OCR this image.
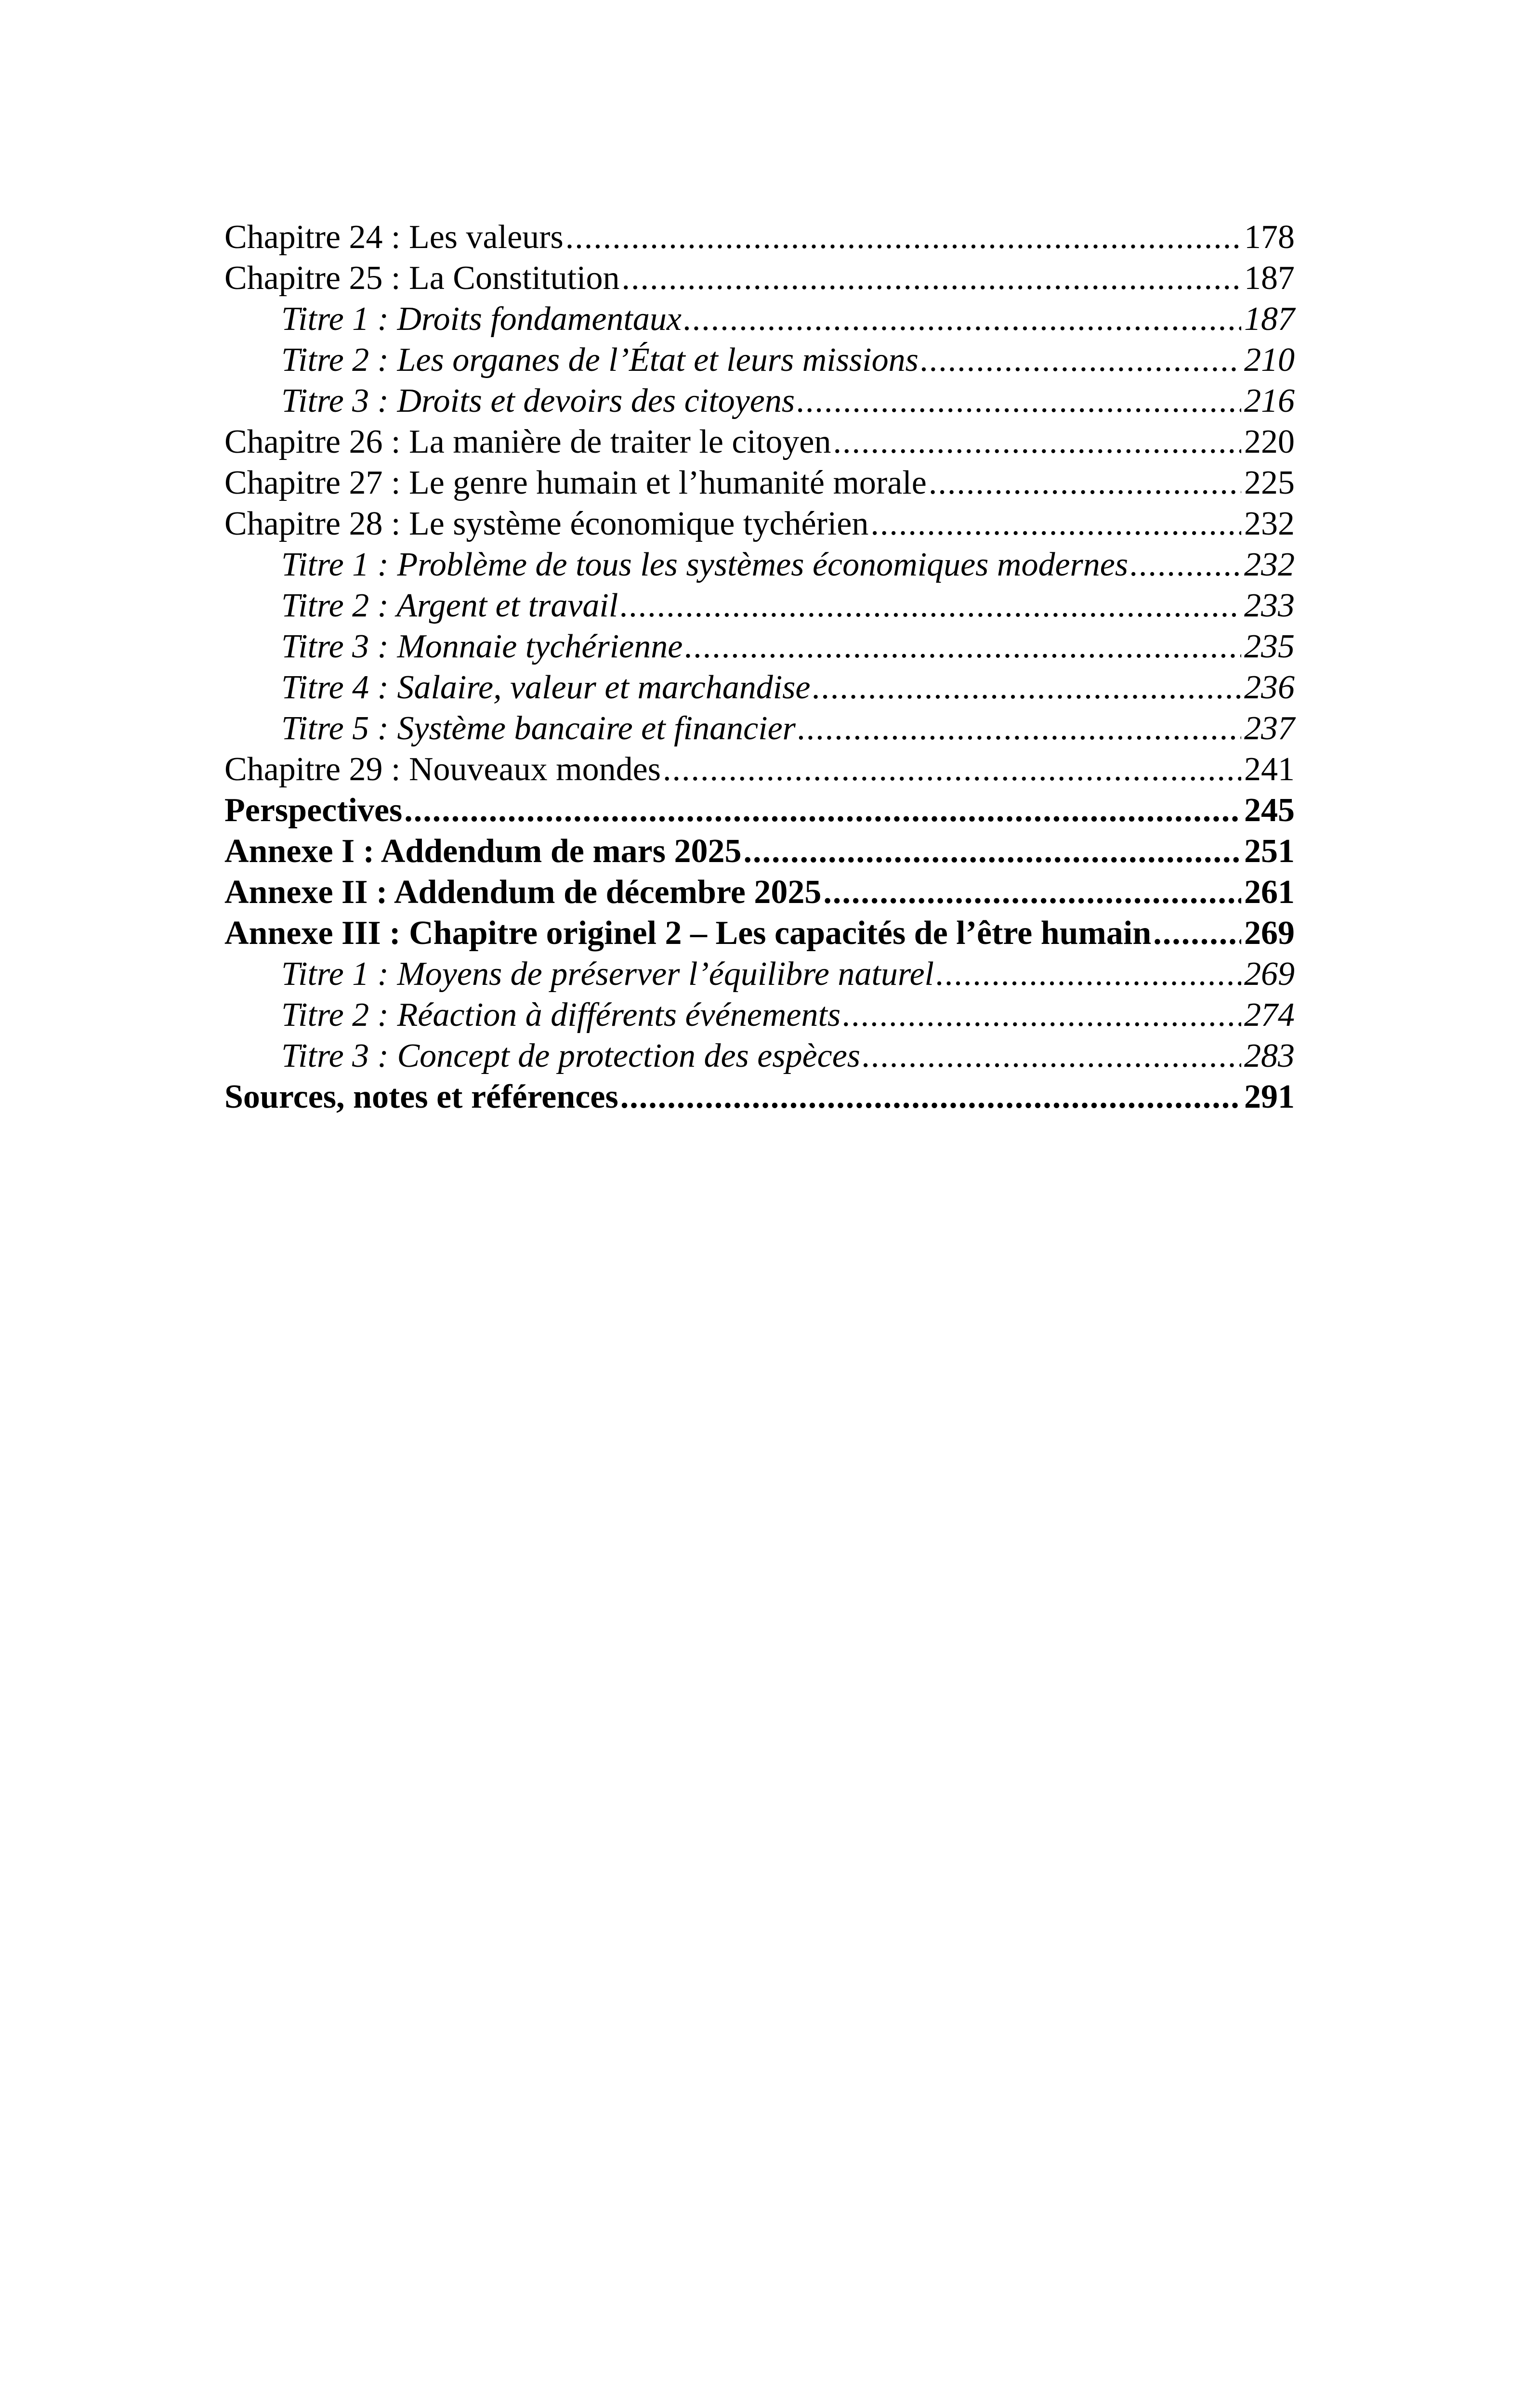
Chapitre 24 : Les valeurs .....	178
Chapitre 25 : La Constitution .....	187
Titre 1 : Droits fondamentaux .....	187
Titre 2 : Les organes de l’État et leurs missions .....	210
Titre 3 : Droits et devoirs des citoyens .....	216
Chapitre 26 : La manière de traiter le citoyen .....	220
Chapitre 27 : Le genre humain et l’humanité morale .....	225
Chapitre 28 : Le système économique tychérien .....	232
Titre 1 : Problème de tous les systèmes économiques modernes .....	232
Titre 2 : Argent et travail .....	233
Titre 3 : Monnaie tychérienne .....	235
Titre 4 : Salaire, valeur et marchandise .....	236
Titre 5 : Système bancaire et financier .....	237
Chapitre 29 : Nouveaux mondes .....	241
Perspectives .....	245
Annexe I : Addendum de mars 2025 .....	251
Annexe II : Addendum de décembre 2025 .....	261
Annexe III : Chapitre originel 2 – Les capacités de l’être humain .....	269
Titre 1 : Moyens de préserver l’équilibre naturel .....	269
Titre 2 : Réaction à différents événements .....	274
Titre 3 : Concept de protection des espèces .....	283
Sources, notes et références .....	291
